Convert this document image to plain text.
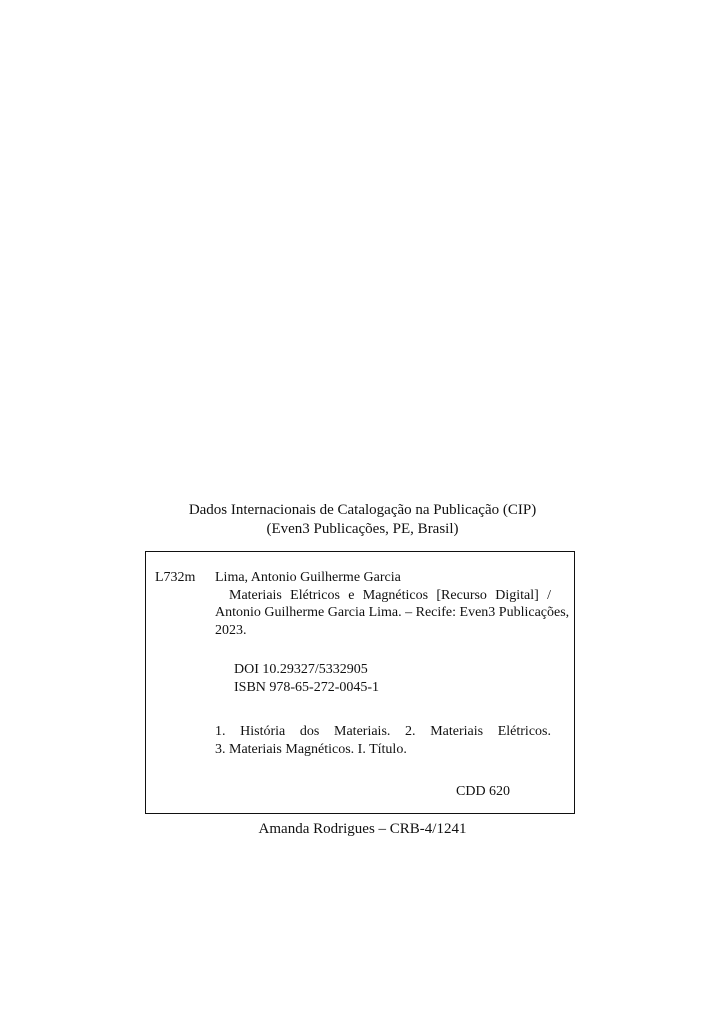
Dados Internacionais de Catalogação na Publicação (CIP)
(Even3 Publicações, PE, Brasil)
L732m Lima, Antonio Guilherme Garcia
Materiais Elétricos e Magnéticos [Recurso Digital] /
Antonio Guilherme Garcia Lima. – Recife: Even3 Publicações,
2023.
DOI 10.29327/5332905
ISBN 978-65-272-0045-1
1. História dos Materiais. 2. Materiais Elétricos.
3. Materiais Magnéticos. I. Título.
CDD 620
Amanda Rodrigues – CRB-4/1241
